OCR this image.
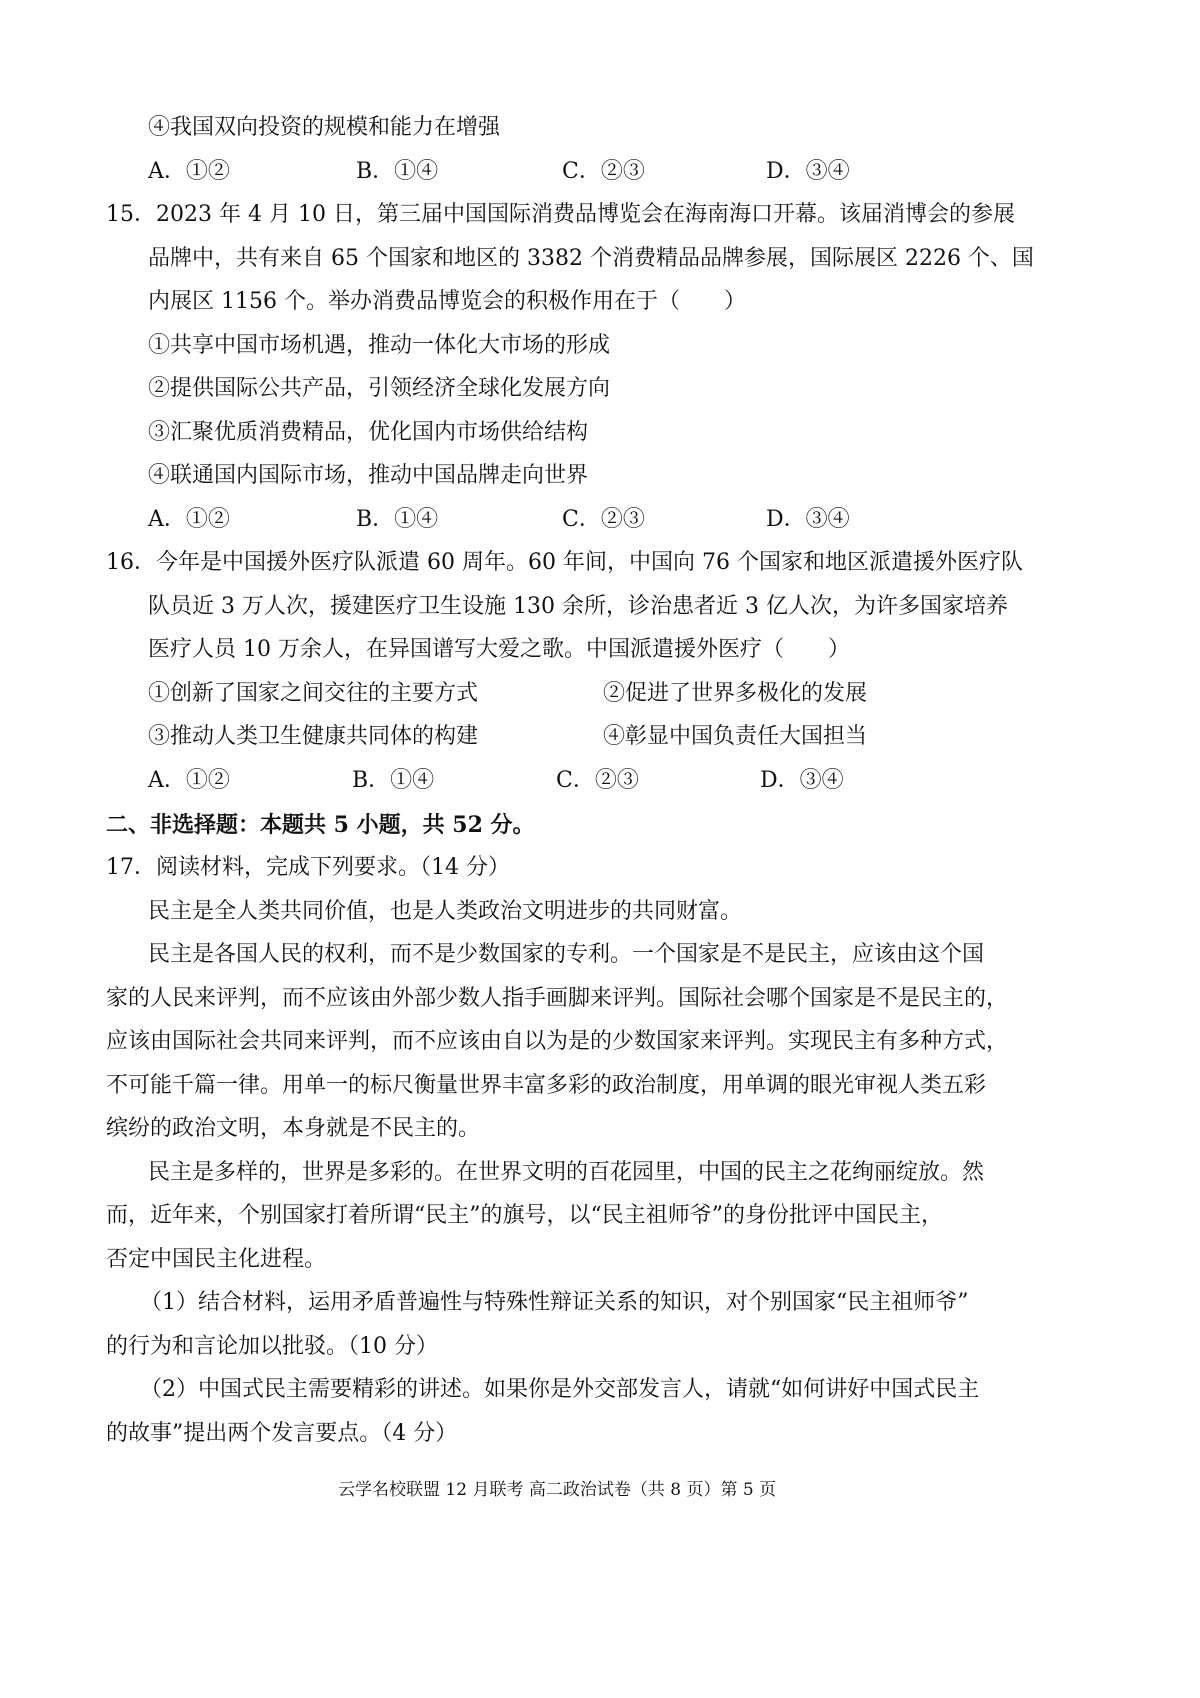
④我国双向投资的规模和能力在增强
A．①②	B．①④	C．②③	D．③④
15．2023 年 4 月 10 日，第三届中国国际消费品博览会在海南海口开幕。该届消博会的参展
品牌中，共有来自 65 个国家和地区的 3382 个消费精品品牌参展，国际展区 2226 个、国
内展区 1156 个。举办消费品博览会的积极作用在于（　　）
①共享中国市场机遇，推动一体化大市场的形成
②提供国际公共产品，引领经济全球化发展方向
③汇聚优质消费精品，优化国内市场供给结构
④联通国内国际市场，推动中国品牌走向世界
A．①②	B．①④	C．②③	D．③④
16．今年是中国援外医疗队派遣 60 周年。60 年间，中国向 76 个国家和地区派遣援外医疗队
队员近 3 万人次，援建医疗卫生设施 130 余所，诊治患者近 3 亿人次，为许多国家培养
医疗人员 10 万余人，在异国谱写大爱之歌。中国派遣援外医疗（　　）
①创新了国家之间交往的主要方式	②促进了世界多极化的发展
③推动人类卫生健康共同体的构建	④彰显中国负责任大国担当
A．①②	B．①④	C．②③	D．③④
二、非选择题：本题共 5 小题，共 52 分。
17．阅读材料，完成下列要求。（14 分）
民主是全人类共同价值，也是人类政治文明进步的共同财富。
民主是各国人民的权利，而不是少数国家的专利。一个国家是不是民主，应该由这个国
家的人民来评判，而不应该由外部少数人指手画脚来评判。国际社会哪个国家是不是民主的，
应该由国际社会共同来评判，而不应该由自以为是的少数国家来评判。实现民主有多种方式，
不可能千篇一律。用单一的标尺衡量世界丰富多彩的政治制度，用单调的眼光审视人类五彩
缤纷的政治文明，本身就是不民主的。
民主是多样的，世界是多彩的。在世界文明的百花园里，中国的民主之花绚丽绽放。然
而，近年来，个别国家打着所谓“民主”的旗号，以“民主祖师爷”的身份批评中国民主，
否定中国民主化进程。
（1）结合材料，运用矛盾普遍性与特殊性辩证关系的知识，对个别国家“民主祖师爷”
的行为和言论加以批驳。（10 分）
（2）中国式民主需要精彩的讲述。如果你是外交部发言人，请就“如何讲好中国式民主
的故事”提出两个发言要点。（4 分）
云学名校联盟 12 月联考 高二政治试卷（共 8 页）第 5 页
